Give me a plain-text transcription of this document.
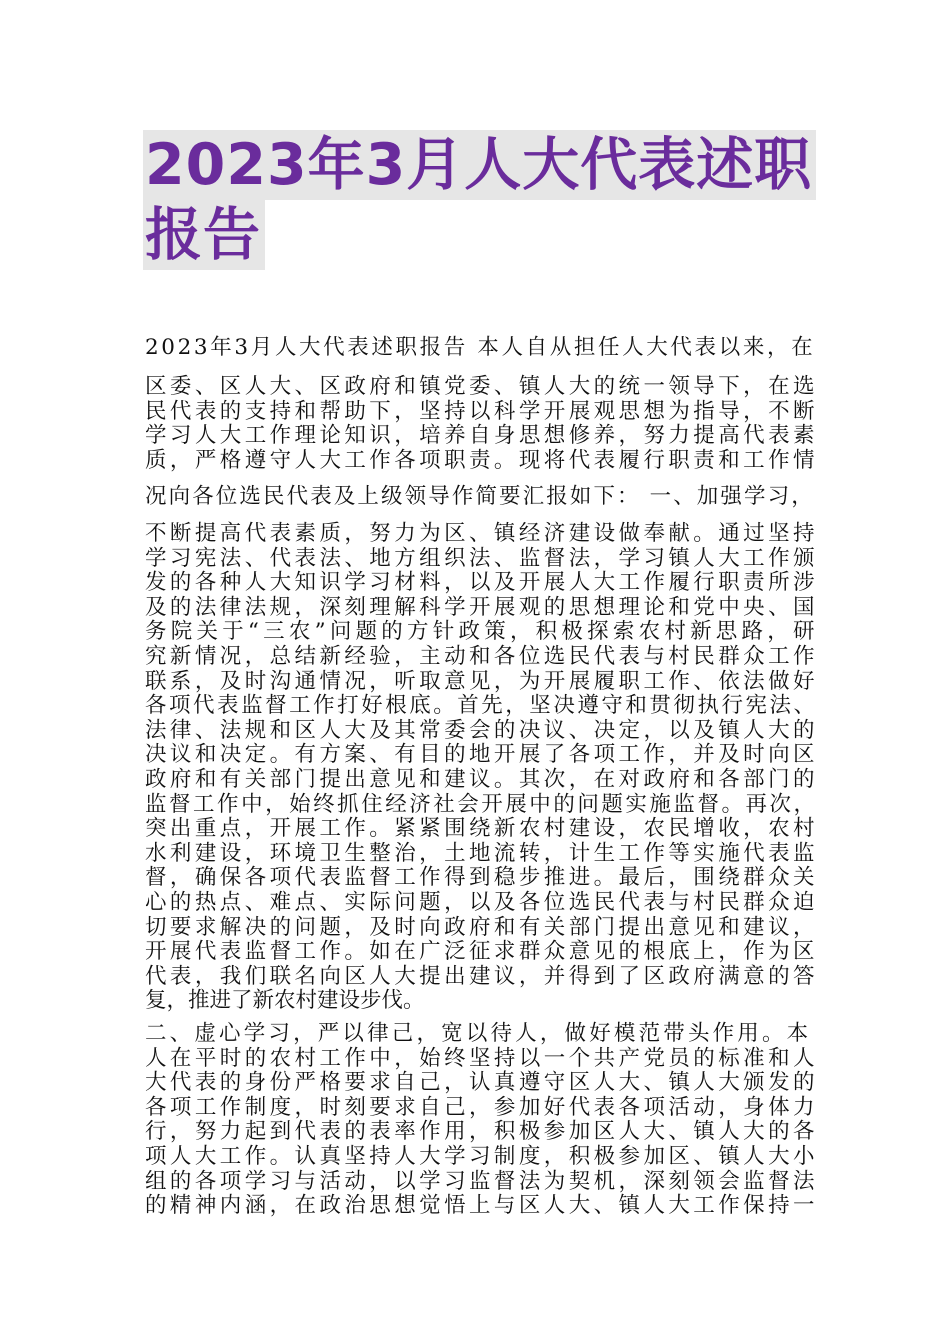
2023年3月人大代表述职
报告
2023年3月人大代表述职报告 本人自从担任人大代表以来，在
区委、区人大、区政府和镇党委、镇人大的统一领导下，在选
民代表的支持和帮助下，坚持以科学开展观思想为指导，不断
学习人大工作理论知识，培养自身思想修养，努力提高代表素
质，严格遵守人大工作各项职责。现将代表履行职责和工作情
况向各位选民代表及上级领导作简要汇报如下： 一、加强学习，
不断提高代表素质，努力为区、镇经济建设做奉献。通过坚持
学习宪法、代表法、地方组织法、监督法，学习镇人大工作颁
发的各种人大知识学习材料，以及开展人大工作履行职责所涉
及的法律法规，深刻理解科学开展观的思想理论和党中央、国
务院关于“三农”问题的方针政策，积极探索农村新思路，研
究新情况，总结新经验，主动和各位选民代表与村民群众工作
联系，及时沟通情况，听取意见，为开展履职工作、依法做好
各项代表监督工作打好根底。首先，坚决遵守和贯彻执行宪法、
法律、法规和区人大及其常委会的决议、决定，以及镇人大的
决议和决定。有方案、有目的地开展了各项工作，并及时向区
政府和有关部门提出意见和建议。其次，在对政府和各部门的
监督工作中，始终抓住经济社会开展中的问题实施监督。再次，
突出重点，开展工作。紧紧围绕新农村建设，农民增收，农村
水利建设，环境卫生整治，土地流转，计生工作等实施代表监
督，确保各项代表监督工作得到稳步推进。最后，围绕群众关
心的热点、难点、实际问题，以及各位选民代表与村民群众迫
切要求解决的问题，及时向政府和有关部门提出意见和建议，
开展代表监督工作。如在广泛征求群众意见的根底上，作为区
代表，我们联名向区人大提出建议，并得到了区政府满意的答
复，推进了新农村建设步伐。
二、虚心学习，严以律己，宽以待人，做好模范带头作用。本
人在平时的农村工作中，始终坚持以一个共产党员的标准和人
大代表的身份严格要求自己，认真遵守区人大、镇人大颁发的
各项工作制度，时刻要求自己，参加好代表各项活动，身体力
行，努力起到代表的表率作用，积极参加区人大、镇人大的各
项人大工作。认真坚持人大学习制度，积极参加区、镇人大小
组的各项学习与活动，以学习监督法为契机，深刻领会监督法
的精神内涵，在政治思想觉悟上与区人大、镇人大工作保持一
